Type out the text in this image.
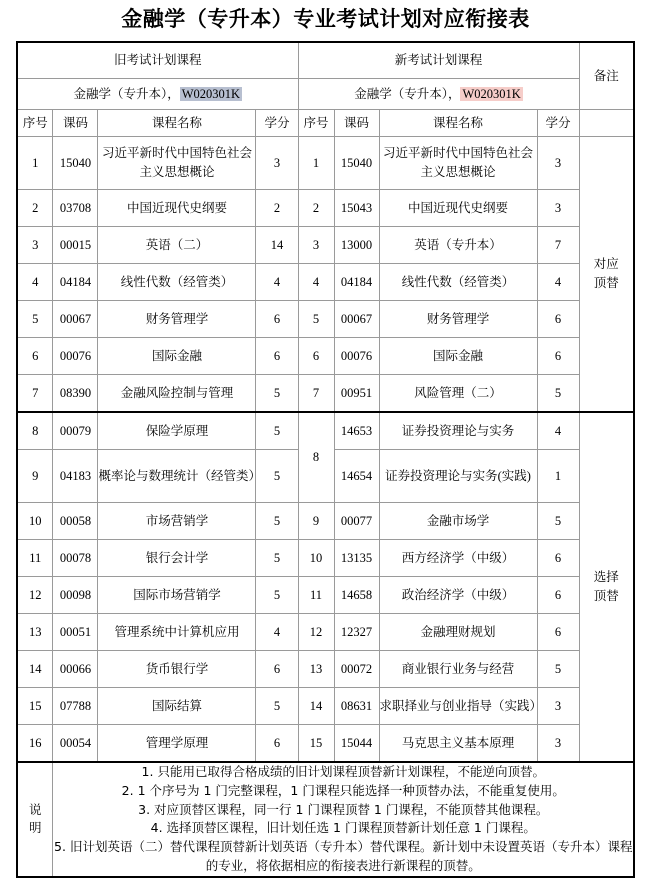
金融学（专升本）专业考试计划对应衔接表
旧考试计划课程				新考试计划课程				备注
金融学（专升本）， W020301K				金融学（专升本）， W020301K				
序号	课码	课程名称	学分	序号	课码	课程名称	学分	
1	15040	习近平新时代中国特色社会主义思想概论	3	1	15040	习近平新时代中国特色社会主义思想概论	3	对应
顶替

2	03708	中国近现代史纲要	2	2	15043	中国近现代史纲要	3	
3	00015	英语（二）	14	3	13000	英语（专升本）	7	
4	04184	线性代数（经管类）	4	4	04184	线性代数（经管类）	4	
5	00067	财务管理学	6	5	00067	财务管理学	6	
6	00076	国际金融	6	6	00076	国际金融	6	
7	08390	金融风险控制与管理	5	7	00951	风险管理（二）	5	
8	00079	保险学原理	5	8	14653	证券投资理论与实务	4	选择
顶替

9	04183	概率论与数理统计（经管类）	5		14654	证券投资理论与实务(实践)	1	
10	00058	市场营销学	5	9	00077	金融市场学	5	
11	00078	银行会计学	5	10	13135	西方经济学（中级）	6	
12	00098	国际市场营销学	5	11	14658	政治经济学（中级）	6	
13	00051	管理系统中计算机应用	4	12	12327	金融理财规划	6	
14	00066	货币银行学	6	13	00072	商业银行业务与经营	5	
15	07788	国际结算	5	14	08631	求职择业与创业指导（实践）	3	
16	00054	管理学原理	6	15	15044	马克思主义基本原理	3	

说
明	1. 只能用已取得合格成绩的旧计划课程顶替新计划课程，不能逆向顶替。
2. 1 个序号为 1 门完整课程，1 门课程只能选择一种顶替办法，不能重复使用。
3. 对应顶替区课程，同一行 1 门课程顶替 1 门课程，不能顶替其他课程。
4. 选择顶替区课程，旧计划任选 1 门课程顶替新计划任意 1 门课程。
5. 旧计划英语（二）替代课程顶替新计划英语（专升本）替代课程。新计划中未设置英语（专升本）课程的专业，将依据相应的衔接表进行新课程的顶替。							
